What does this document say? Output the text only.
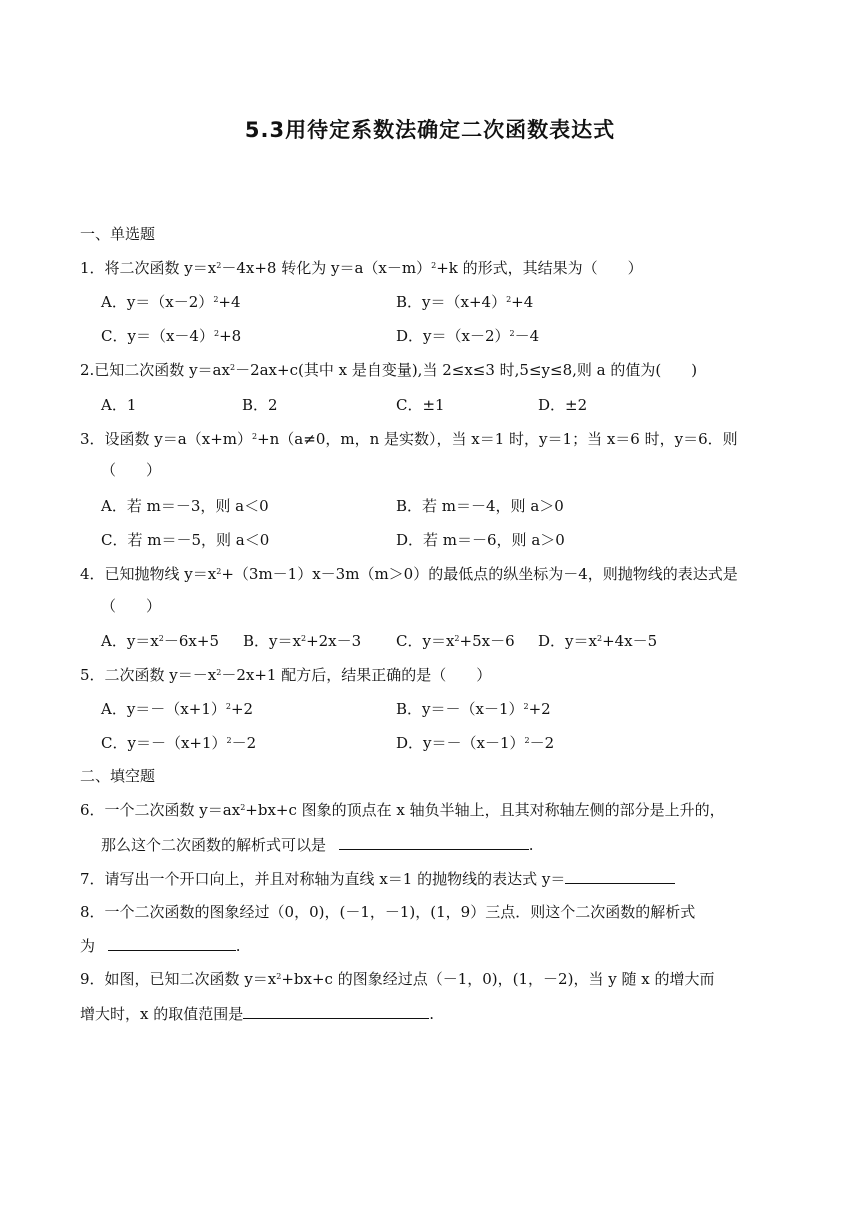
5.3用待定系数法确定二次函数表达式
一、单选题
1．将二次函数 $y=x^2-4x+8$ 转化为 $y=a(x-m)^2+k$ 的形式，其结果为（　　）
A．$y=(x-2)^2+4$	B．$y=(x+4)^2+4$
C．$y=(x-4)^2+8$	D．$y=(x-2)^2-4$
2.已知二次函数 $y=ax^2-2ax+c$(其中 x 是自变量),当 2≤x≤3 时,5≤y≤8,则 a 的值为(　　)
A．1	B．2	C．±1	D．±2
3．设函数 $y=a(x+m)^2+n(a\ne 0$，m，n 是实数），当 x＝1 时，y＝1；当 x＝6 时，y＝6．则
（　　）
A．若 m＝－3，则 a＜0	B．若 m＝－4，则 a＞0
C．若 m＝－5，则 a＜0	D．若 m＝－6，则 a＞0
4．已知抛物线 $y=x^2+(3m-1)x-3m(m>0)$的最低点的纵坐标为－4，则抛物线的表达式是
（　　）
A．$y=x^2-6x+5$ B．$y=x^2+2x-3$ C．$y=x^2+5x-6$ D．$y=x^2+4x-5$
5．二次函数 $y=-x^2-2x+1$ 配方后，结果正确的是（　　）
A．$y=-(x+1)^2+2$	B．$y=-(x-1)^2+2$
C．$y=-(x+1)^2-2$	D．$y=-(x-1)^2-2$
二、填空题
6．一个二次函数 $y=ax^2+bx+c$ 图象的顶点在 x 轴负半轴上，且其对称轴左侧的部分是上升的，
那么这个二次函数的解析式可以是	.
7．请写出一个开口向上，并且对称轴为直线 x＝1 的抛物线的表达式 y＝
8．一个二次函数的图象经过（0，0)，(－1，－1)，(1，9）三点．则这个二次函数的解析式
为	.
9．如图，已知二次函数 $y=x^2+bx+c$ 的图象经过点（－1，0)，(1，－2)，当 y 随 x 的增大而
增大时，x 的取值范围是	.
